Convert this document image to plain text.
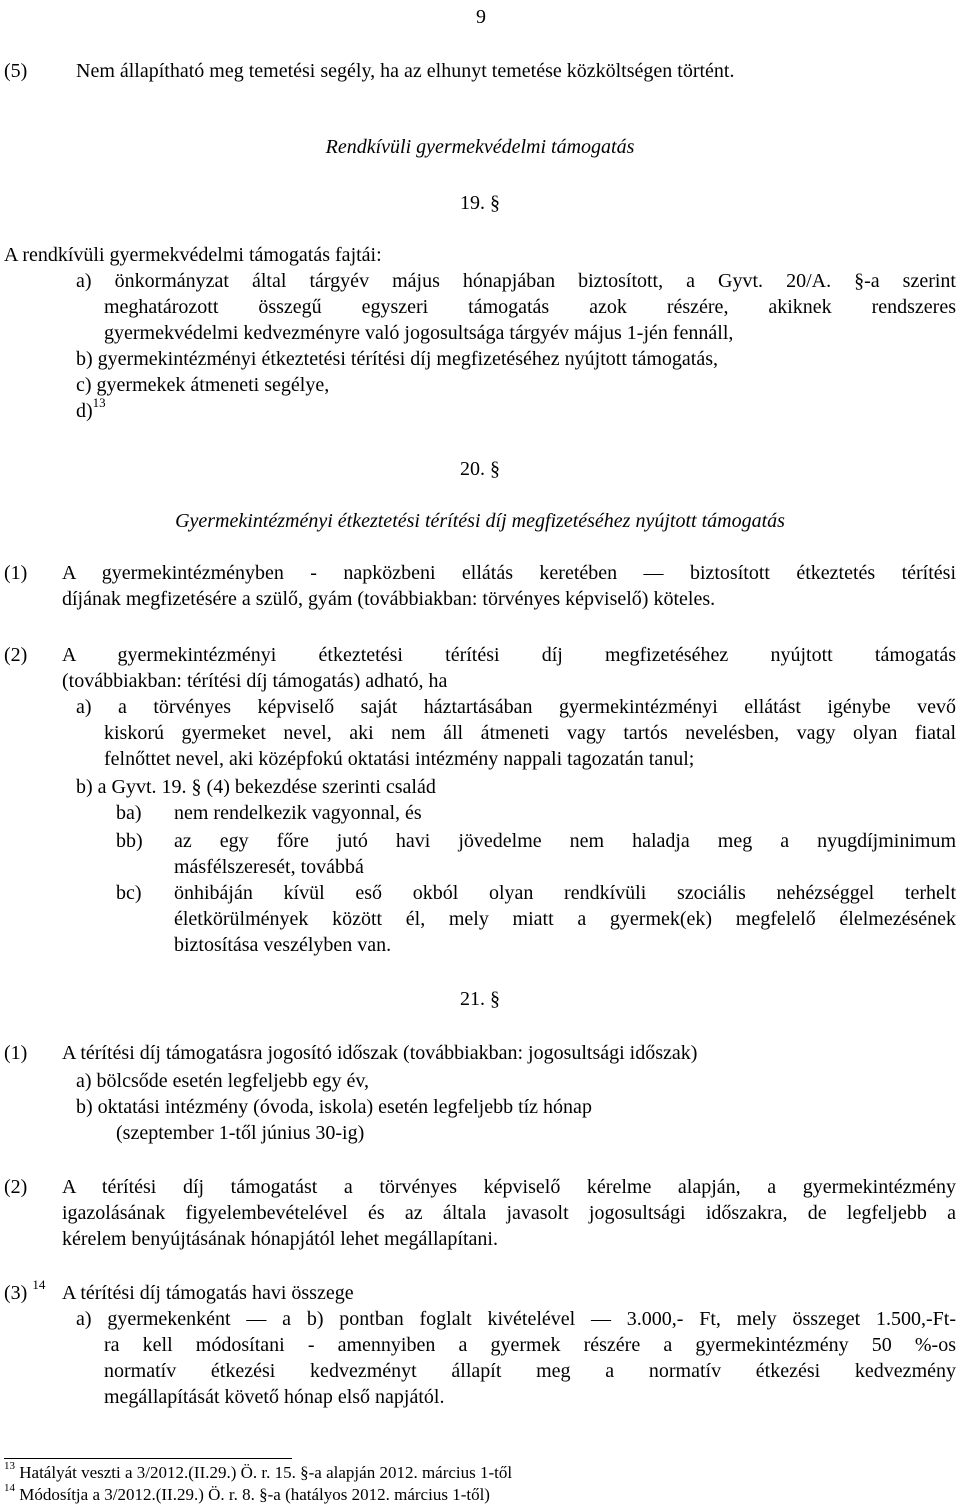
9
(5) Nem állapítható meg temetési segély, ha az elhunyt temetése közköltségen történt.
Rendkívüli gyermekvédelmi támogatás
19. §
A rendkívüli gyermekvédelmi támogatás fajtái:
a) önkormányzat által tárgyév május hónapjában biztosított, a Gyvt. 20/A. §-a szerint
meghatározott összegű egyszeri támogatás azok részére, akiknek rendszeres
gyermekvédelmi kedvezményre való jogosultsága tárgyév május 1-jén fennáll,
b) gyermekintézményi étkeztetési térítési díj megfizetéséhez nyújtott támogatás,
c) gyermekek átmeneti segélye,
d)$^{13}$
20. §
Gyermekintézményi étkeztetési térítési díj megfizetéséhez nyújtott támogatás
(1) A gyermekintézményben - napközbeni ellátás keretében — biztosított étkeztetés térítési
díjának megfizetésére a szülő, gyám (továbbiakban: törvényes képviselő) köteles.
(2) A gyermekintézményi étkeztetési térítési díj megfizetéséhez nyújtott támogatás
(továbbiakban: térítési díj támogatás) adható, ha
a) a törvényes képviselő saját háztartásában gyermekintézményi ellátást igénybe vevő
kiskorú gyermeket nevel, aki nem áll átmeneti vagy tartós nevelésben, vagy olyan fiatal
felnőttet nevel, aki középfokú oktatási intézmény nappali tagozatán tanul;
b) a Gyvt. 19. § (4) bekezdése szerinti család
ba) nem rendelkezik vagyonnal, és
bb) az egy főre jutó havi jövedelme nem haladja meg a nyugdíjminimum
másfélszeresét, továbbá
bc) önhibáján kívül eső okból olyan rendkívüli szociális nehézséggel terhelt
életkörülmények között él, mely miatt a gyermek(ek) megfelelő élelmezésének
biztosítása veszélyben van.
21. §
(1) A térítési díj támogatásra jogosító időszak (továbbiakban: jogosultsági időszak)
a) bölcsőde esetén legfeljebb egy év,
b) oktatási intézmény (óvoda, iskola) esetén legfeljebb tíz hónap
(szeptember 1-től június 30-ig)
(2) A térítési díj támogatást a törvényes képviselő kérelme alapján, a gyermekintézmény
igazolásának figyelembevételével és az általa javasolt jogosultsági időszakra, de legfeljebb a
kérelem benyújtásának hónapjától lehet megállapítani.
(3) $^{14}$ A térítési díj támogatás havi összege
a) gyermekenként — a b) pontban foglalt kivételével — 3.000,- Ft, mely összeget 1.500,-Ft-
ra kell módosítani - amennyiben a gyermek részére a gyermekintézmény 50 %-os
normatív étkezési kedvezményt állapít meg a normatív étkezési kedvezmény
megállapítását követő hónap első napjától.
$^{13}$ Hatályát veszti a 3/2012.(II.29.) Ö. r. 15. §-a alapján 2012. március 1-től
$^{14}$ Módosítja a 3/2012.(II.29.) Ö. r. 8. §-a (hatályos 2012. március 1-től)
